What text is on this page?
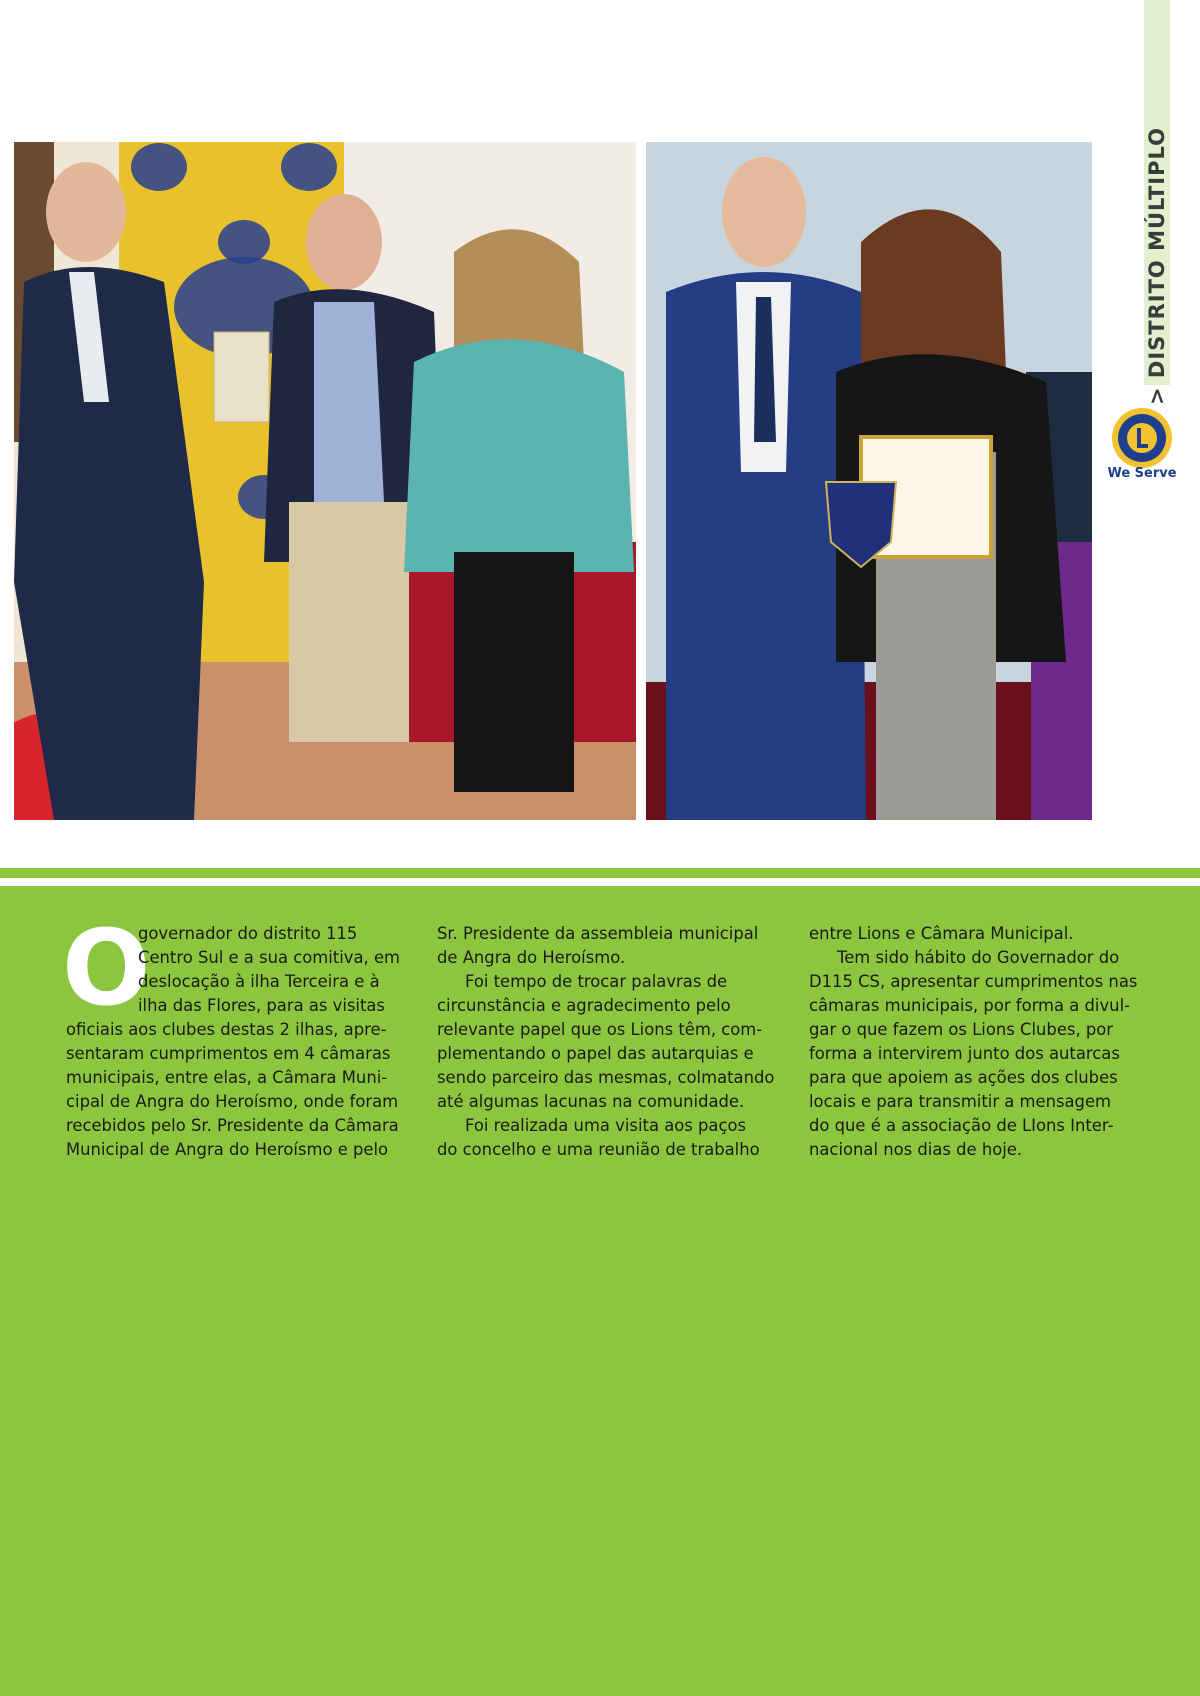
> DISTRITO MÚLTIPLO
We Serve
O
governador do distrito 115
Centro Sul e a sua comitiva, em
deslocação à ilha Terceira e à
ilha das Flores, para as visitas
oficiais aos clubes destas 2 ilhas, apre-
sentaram cumprimentos em 4 câmaras
municipais, entre elas, a Câmara Muni-
cipal de Angra do Heroísmo, onde foram
recebidos pelo Sr. Presidente da Câmara
Municipal de Angra do Heroísmo e pelo
Sr. Presidente da assembleia municipal
de Angra do Heroísmo.
Foi tempo de trocar palavras de
circunstância e agradecimento pelo
relevante papel que os Lions têm, com-
plementando o papel das autarquias e
sendo parceiro das mesmas, colmatando
até algumas lacunas na comunidade.
Foi realizada uma visita aos paços
do concelho e uma reunião de trabalho
entre Lions e Câmara Municipal.
Tem sido hábito do Governador do
D115 CS, apresentar cumprimentos nas
câmaras municipais, por forma a divul-
gar o que fazem os Lions Clubes, por
forma a intervirem junto dos autarcas
para que apoiem as ações dos clubes
locais e para transmitir a mensagem
do que é a associação de LIons Inter-
nacional nos dias de hoje.
